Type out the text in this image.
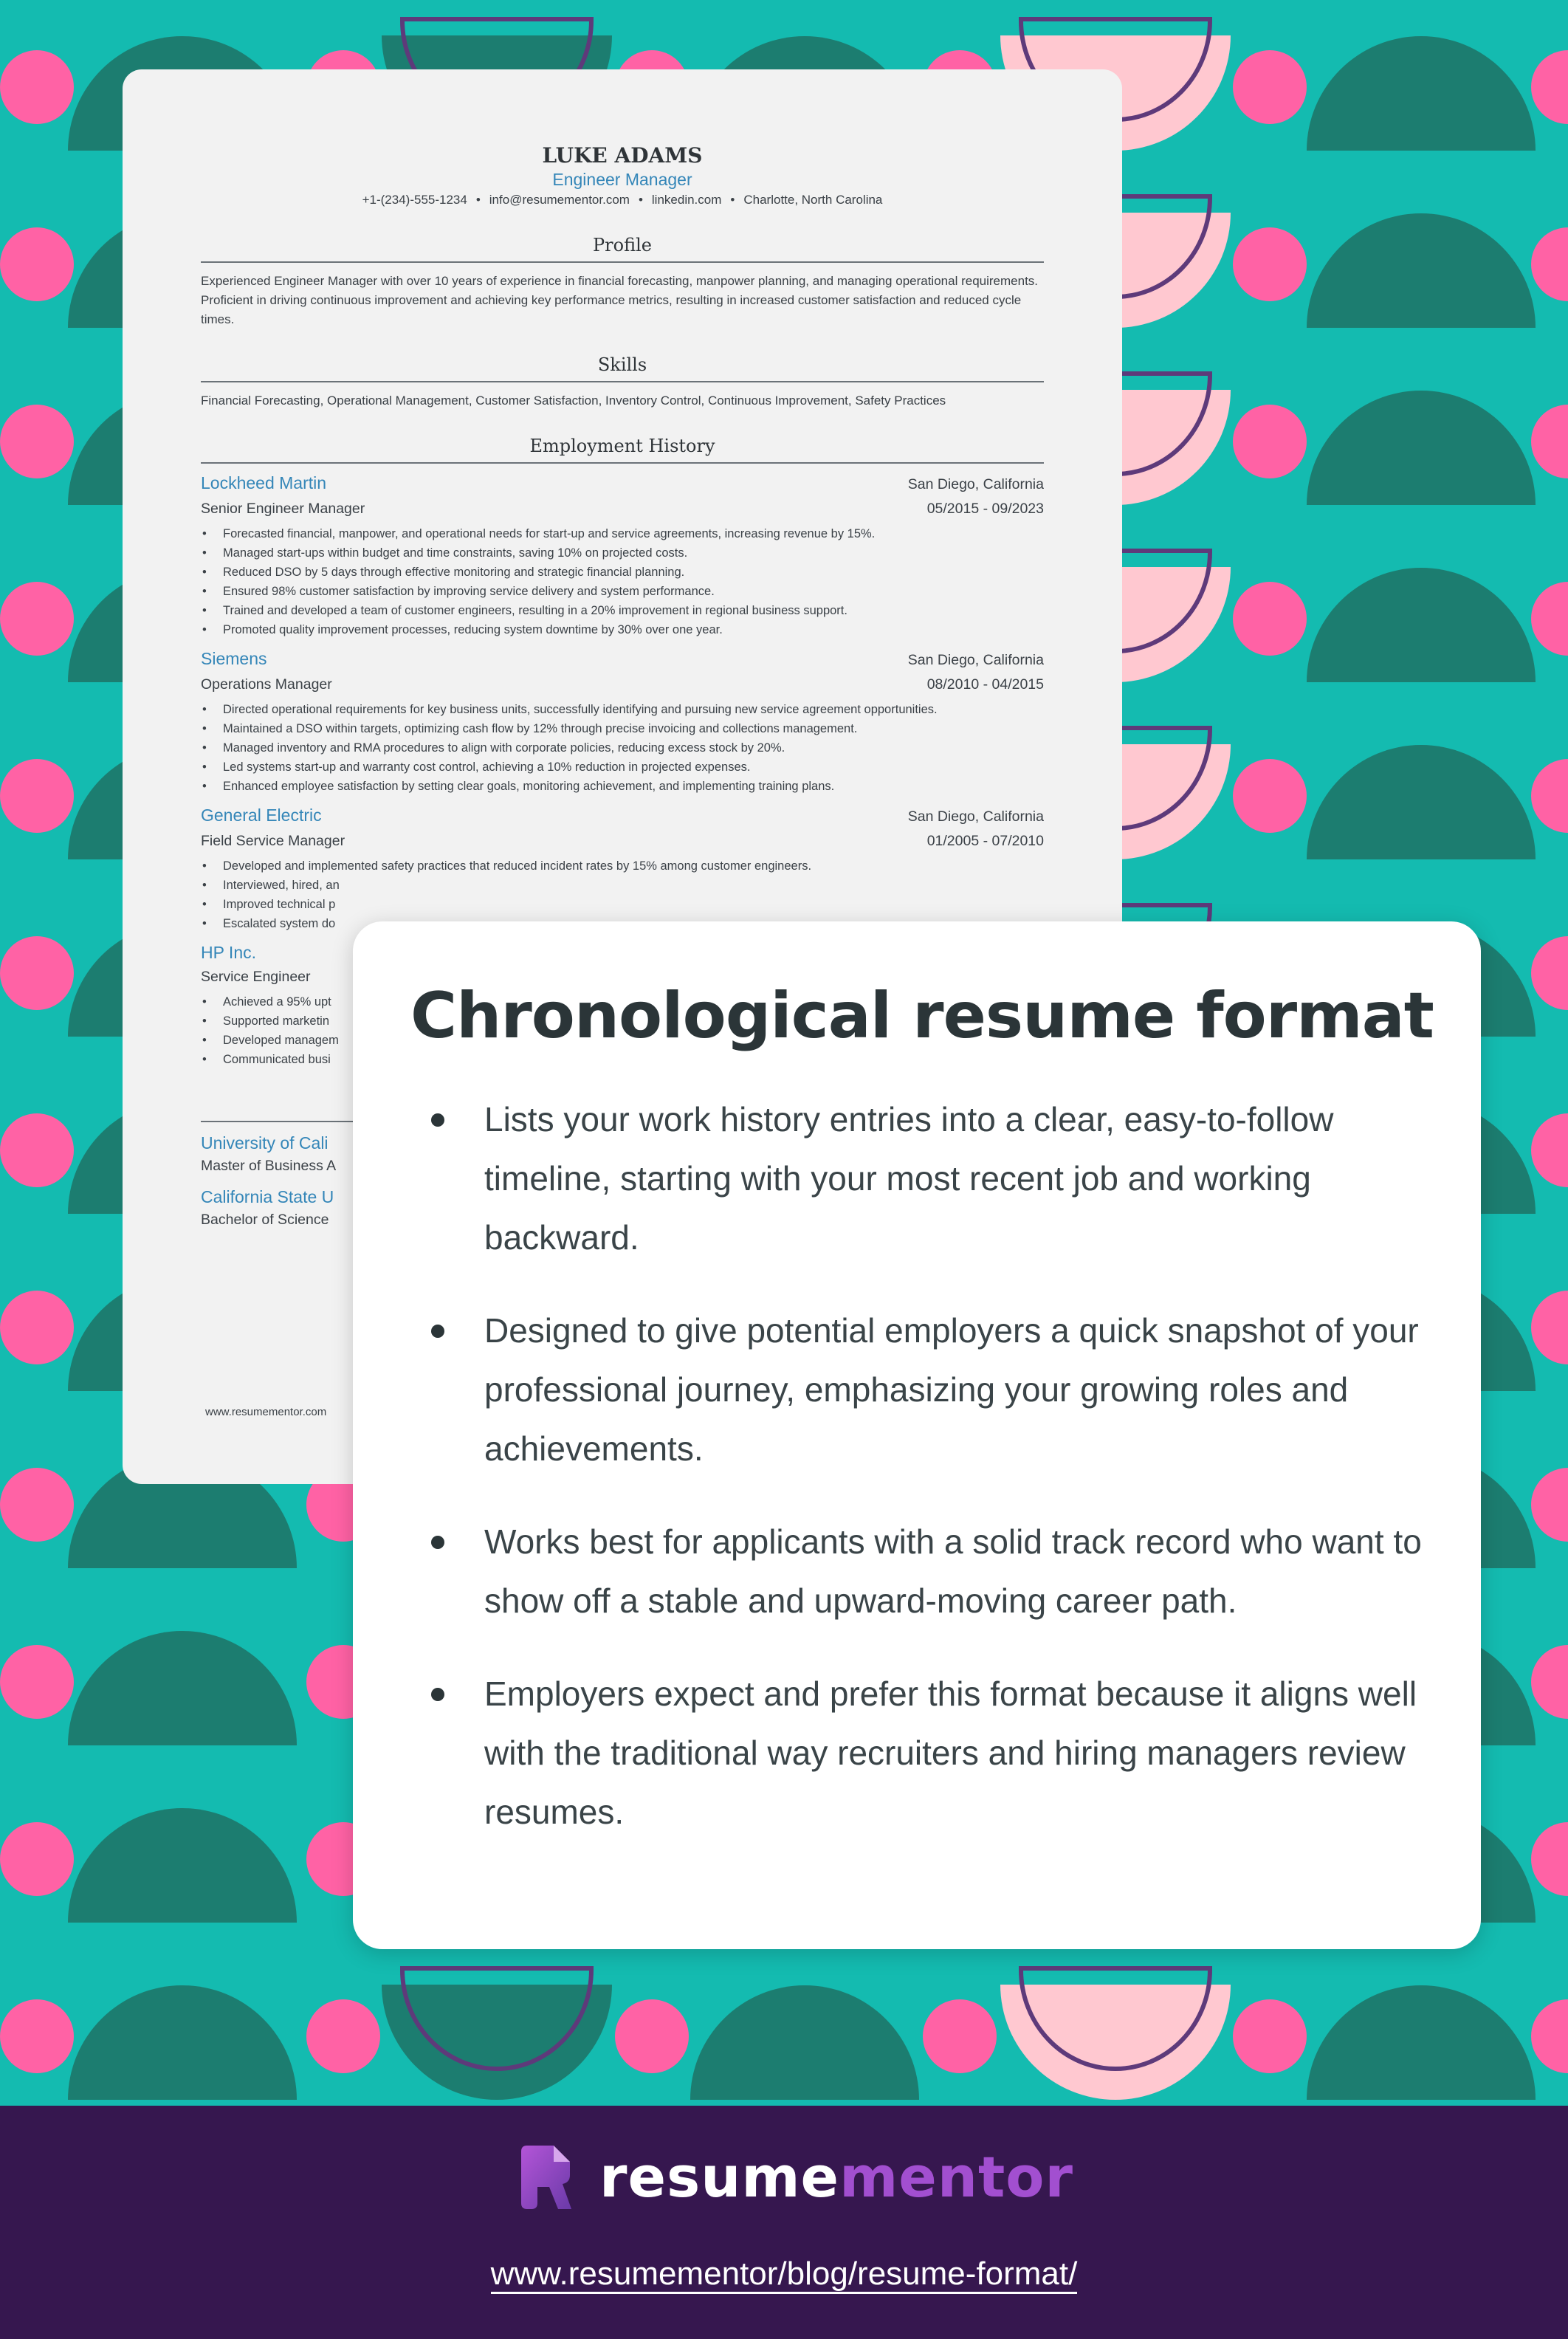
LUKE ADAMS
Engineer Manager
+1-(234)-555-1234 • info@resumementor.com • linkedin.com • Charlotte, North Carolina
Profile
Experienced Engineer Manager with over 10 years of experience in financial forecasting, manpower planning, and managing operational requirements. Proficient in driving continuous improvement and achieving key performance metrics, resulting in increased customer satisfaction and reduced cycle times.
Skills
Financial Forecasting, Operational Management, Customer Satisfaction, Inventory Control, Continuous Improvement, Safety Practices
Employment History
Lockheed Martin	San Diego, California
Senior Engineer Manager	05/2015 - 09/2023
• Forecasted financial, manpower, and operational needs for start-up and service agreements, increasing revenue by 15%.
• Managed start-ups within budget and time constraints, saving 10% on projected costs.
• Reduced DSO by 5 days through effective monitoring and strategic financial planning.
• Ensured 98% customer satisfaction by improving service delivery and system performance.
• Trained and developed a team of customer engineers, resulting in a 20% improvement in regional business support.
• Promoted quality improvement processes, reducing system downtime by 30% over one year.
Siemens	San Diego, California
Operations Manager	08/2010 - 04/2015
• Directed operational requirements for key business units, successfully identifying and pursuing new service agreement opportunities.
• Maintained a DSO within targets, optimizing cash flow by 12% through precise invoicing and collections management.
• Managed inventory and RMA procedures to align with corporate policies, reducing excess stock by 20%.
• Led systems start-up and warranty cost control, achieving a 10% reduction in projected expenses.
• Enhanced employee satisfaction by setting clear goals, monitoring achievement, and implementing training plans.
General Electric	San Diego, California
Field Service Manager	01/2005 - 07/2010
• Developed and implemented safety practices that reduced incident rates by 15% among customer engineers.
• Interviewed, hired, an
• Improved technical p
• Escalated system do
HP Inc.
Service Engineer
• Achieved a 95% upt
• Supported marketin
• Developed managem
• Communicated busi
University of Cali
Master of Business A
California State U
Bachelor of Science
www.resumementor.com
Chronological resume format
Lists your work history entries into a clear, easy-to-follow timeline, starting with your most recent job and working backward.
Designed to give potential employers a quick snapshot of your professional journey, emphasizing your growing roles and achievements.
Works best for applicants with a solid track record who want to show off a stable and upward-moving career path.
Employers expect and prefer this format because it aligns well with the traditional way recruiters and hiring managers review resumes.
resumementor
www.resumementor/blog/resume-format/
